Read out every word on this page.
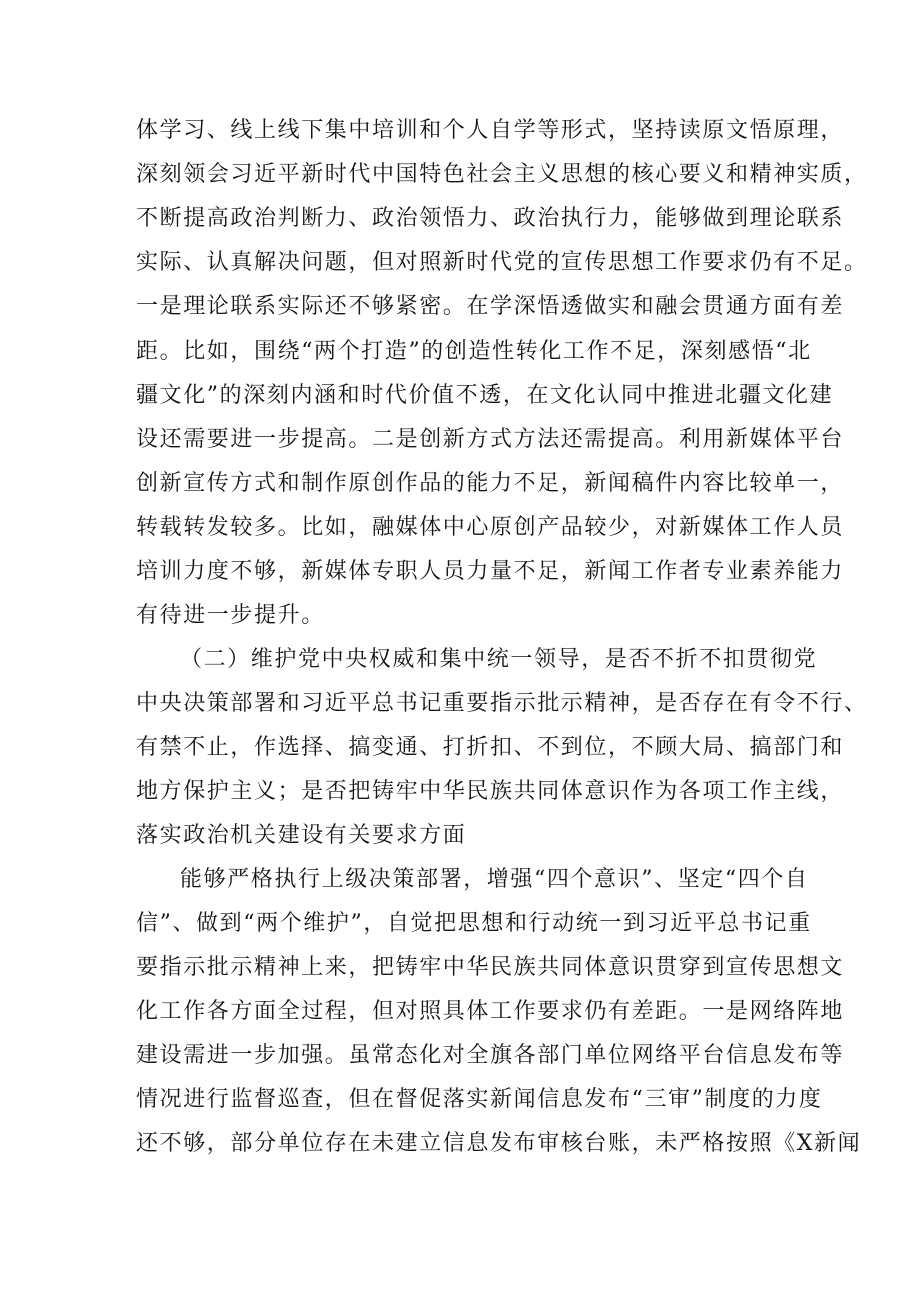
体学习、线上线下集中培训和个人自学等形式，坚持读原文悟原理，
深刻领会习近平新时代中国特色社会主义思想的核心要义和精神实质，
不断提高政治判断力、政治领悟力、政治执行力，能够做到理论联系
实际、认真解决问题，但对照新时代党的宣传思想工作要求仍有不足。
一是理论联系实际还不够紧密。在学深悟透做实和融会贯通方面有差
距。比如，围绕“两个打造”的创造性转化工作不足，深刻感悟“北
疆文化”的深刻内涵和时代价值不透，在文化认同中推进北疆文化建
设还需要进一步提高。二是创新方式方法还需提高。利用新媒体平台
创新宣传方式和制作原创作品的能力不足，新闻稿件内容比较单一，
转载转发较多。比如，融媒体中心原创产品较少，对新媒体工作人员
培训力度不够，新媒体专职人员力量不足，新闻工作者专业素养能力
有待进一步提升。
（二）维护党中央权威和集中统一领导，是否不折不扣贯彻党
中央决策部署和习近平总书记重要指示批示精神，是否存在有令不行、
有禁不止，作选择、搞变通、打折扣、不到位，不顾大局、搞部门和
地方保护主义；是否把铸牢中华民族共同体意识作为各项工作主线，
落实政治机关建设有关要求方面
能够严格执行上级决策部署，增强“四个意识”、坚定“四个自
信”、做到“两个维护”，自觉把思想和行动统一到习近平总书记重
要指示批示精神上来，把铸牢中华民族共同体意识贯穿到宣传思想文
化工作各方面全过程，但对照具体工作要求仍有差距。一是网络阵地
建设需进一步加强。虽常态化对全旗各部门单位网络平台信息发布等
情况进行监督巡查，但在督促落实新闻信息发布“三审”制度的力度
还不够，部分单位存在未建立信息发布审核台账，未严格按照《X新闻
